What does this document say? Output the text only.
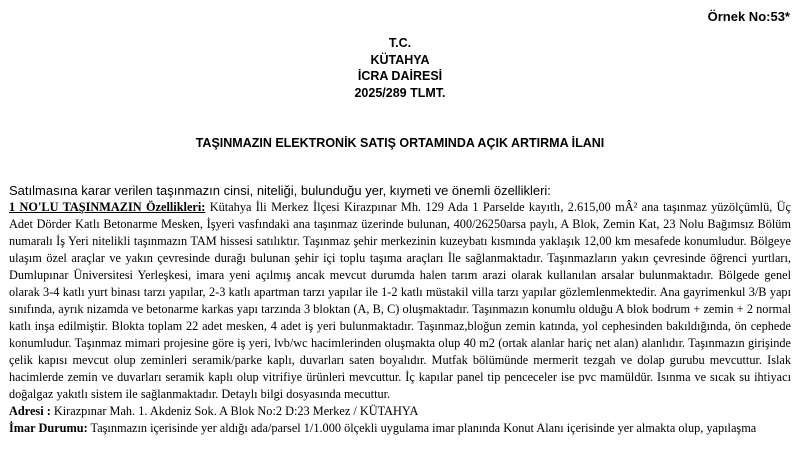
Örnek No:53*
T.C.
KÜTAHYA
İCRA DAİRESİ
2025/289 TLMT.
TAŞINMAZIN ELEKTRONİK SATIŞ ORTAMINDA AÇIK ARTIRMA İLANI
Satılmasına karar verilen taşınmazın cinsi, niteliği, bulunduğu yer, kıymeti ve önemli özellikleri:

1 NO'LU TAŞINMAZIN Özellikleri: Kütahya İli Merkez İlçesi Kirazpınar Mh. 129 Ada 1 Parselde kayıtlı, 2.615,00 mÂ² ana taşınmaz yüzölçümlü, Üç Adet Dörder Katlı Betonarme Mesken, İşyeri vasfındaki ana taşınmaz üzerinde bulunan, 400/26250arsa paylı, A Blok, Zemin Kat, 23 Nolu Bağımsız Bölüm numaralı İş Yeri nitelikli taşınmazın TAM hissesi satılıktır. Taşınmaz şehir merkezinin kuzeybatı kısmında yaklaşık 12,00 km mesafede konumludur. Bölgeye ulaşım özel araçlar ve yakın çevresinde durağı bulunan şehir içi toplu taşıma araçları İle sağlanmaktadır. Taşınmazların yakın çevresinde öğrenci yurtları, Dumlupınar Üniversitesi Yerleşkesi, imara yeni açılmış ancak mevcut durumda halen tarım arazi olarak kullanılan arsalar bulunmaktadır. Bölgede genel olarak 3-4 katlı yurt binası tarzı yapılar, 2-3 katlı apartman tarzı yapılar ile 1-2 katlı müstakil villa tarzı yapılar gözlemlenmektedir. Ana gayrimenkul 3/B yapı sınıfında, ayrık nizamda ve betonarme karkas yapı tarzında 3 bloktan (A, B, C) oluşmaktadır. Taşınmazın konumlu olduğu A blok bodrum + zemin + 2 normal katlı inşa edilmiştir. Blokta toplam 22 adet mesken, 4 adet iş yeri bulunmaktadır. Taşınmaz,bloğun zemin katında, yol cephesinden bakıldığında, ön cephede konumludur. Taşınmaz mimari projesine göre iş yeri, lvb/wc hacimlerinden oluşmakta olup 40 m2 (ortak alanlar hariç net alan) alanlıdır. Taşınmazın girişinde çelik kapısı mevcut olup zeminleri seramik/parke kaplı, duvarları saten boyalıdır. Mutfak bölümünde mermerit tezgah ve dolap gurubu mevcuttur. Islak hacimlerde zemin ve duvarları seramik kaplı olup vitrifiye ürünleri mevcuttur. İç kapılar panel tip penceceler ise pvc mamüldür. Isınma ve sıcak su ihtiyacı doğalgaz yakıtlı sistem ile sağlanmaktadır. Detaylı bilgi dosyasında mecuttur.

Adresi : Kirazpınar Mah. 1. Akdeniz Sok. A Blok No:2 D:23 Merkez / KÜTAHYA

İmar Durumu: Taşınmazın içerisinde yer aldığı ada/parsel 1/1.000 ölçekli uygulama imar planında Konut Alanı içerisinde yer almakta olup, yapılaşma
